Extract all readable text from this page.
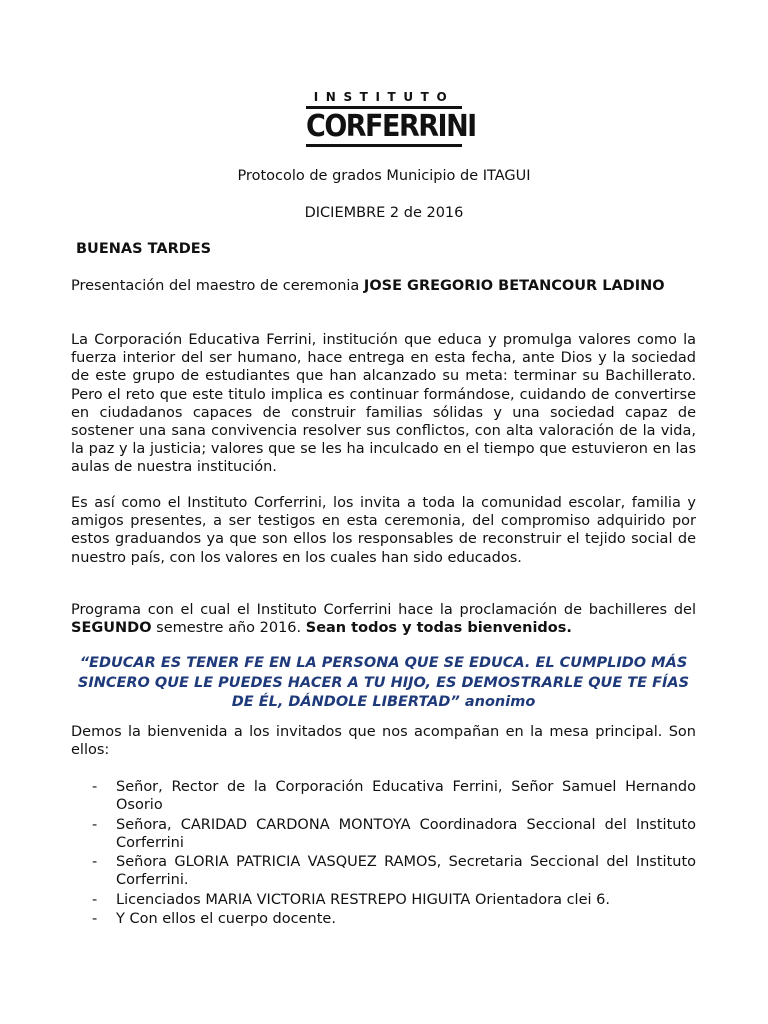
INSTITUTO
CORFERRINI
Protocolo de grados Municipio de ITAGUI
DICIEMBRE 2 de 2016
BUENAS TARDES
Presentación del maestro de ceremonia JOSE GREGORIO BETANCOUR LADINO
La Corporación Educativa Ferrini, institución que educa y promulga valores como la fuerza interior del ser humano, hace entrega en esta fecha, ante Dios y la sociedad de este grupo de estudiantes que han alcanzado su meta: terminar su Bachillerato. Pero el reto que este titulo implica es continuar formándose, cuidando de convertirse en ciudadanos capaces de construir familias sólidas y una sociedad capaz de sostener una sana convivencia resolver sus conflictos, con alta valoración de la vida, la paz y la justicia; valores que se les ha inculcado en el tiempo que estuvieron en las aulas de nuestra institución.
Es así como el Instituto Corferrini, los invita a toda la comunidad escolar, familia y amigos presentes, a ser testigos en esta ceremonia, del compromiso adquirido por estos graduandos ya que son ellos los responsables de reconstruir el tejido social de nuestro país, con los valores en los cuales han sido educados.
Programa con el cual el Instituto Corferrini hace la proclamación de bachilleres del SEGUNDO semestre año 2016. Sean todos y todas bienvenidos.
“EDUCAR ES TENER FE EN LA PERSONA QUE SE EDUCA. EL CUMPLIDO MÁS SINCERO QUE LE PUEDES HACER A TU HIJO, ES DEMOSTRARLE QUE TE FÍAS DE ÉL, DÁNDOLE LIBERTAD” anonimo
Demos la bienvenida a los invitados que nos acompañan en la mesa principal. Son ellos:
- Señor, Rector de la Corporación Educativa Ferrini, Señor Samuel Hernando Osorio
- Señora, CARIDAD CARDONA MONTOYA Coordinadora Seccional del Instituto Corferrini
- Señora GLORIA PATRICIA VASQUEZ RAMOS, Secretaria Seccional del Instituto Corferrini.
- Licenciados MARIA VICTORIA RESTREPO HIGUITA Orientadora clei 6.
- Y Con ellos el cuerpo docente.
